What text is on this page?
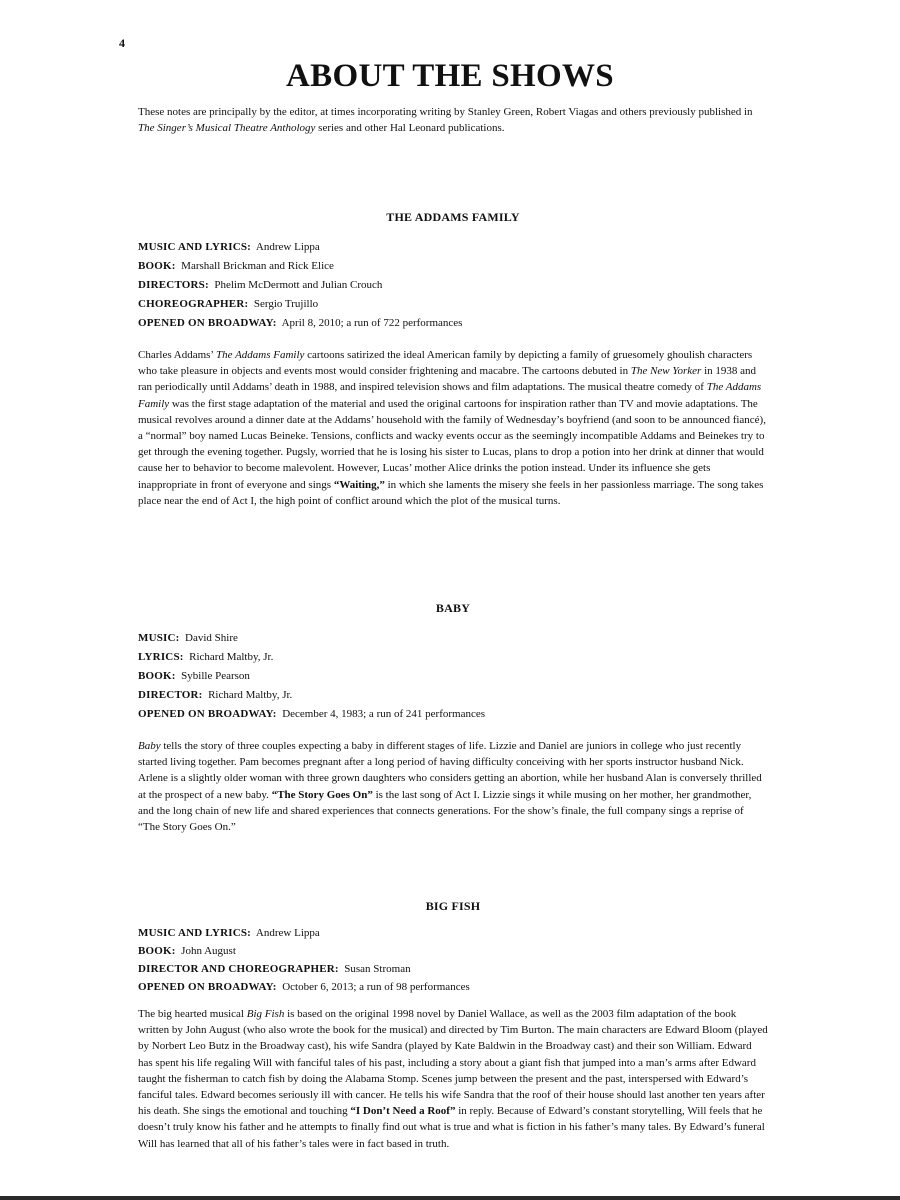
4
ABOUT THE SHOWS

These notes are principally by the editor, at times incorporating writing by Stanley Green, Robert Viagas and others previously published in The Singer’s Musical Theatre Anthology series and other Hal Leonard publications.

THE ADDAMS FAMILY
MUSIC AND LYRICS: Andrew Lippa
BOOK: Marshall Brickman and Rick Elice
DIRECTORS: Phelim McDermott and Julian Crouch
CHOREOGRAPHER: Sergio Trujillo
OPENED ON BROADWAY: April 8, 2010; a run of 722 performances

Charles Addams’ The Addams Family cartoons satirized the ideal American family by depicting a family of gruesomely ghoulish characters who take pleasure in objects and events most would consider frightening and macabre. The cartoons debuted in The New Yorker in 1938 and ran periodically until Addams’ death in 1988, and inspired television shows and film adaptations. The musical theatre comedy of The Addams Family was the first stage adaptation of the material and used the original cartoons for inspiration rather than TV and movie adaptations. The musical revolves around a dinner date at the Addams’ household with the family of Wednesday’s boyfriend (and soon to be announced fiancé), a “normal” boy named Lucas Beineke. Tensions, conflicts and wacky events occur as the seemingly incompatible Addams and Beinekes try to get through the evening together. Pugsly, worried that he is losing his sister to Lucas, plans to drop a potion into her drink at dinner that would cause her to behavior to become malevolent. However, Lucas’ mother Alice drinks the potion instead. Under its influence she gets inappropriate in front of everyone and sings “Waiting,” in which she laments the misery she feels in her passionless marriage. The song takes place near the end of Act I, the high point of conflict around which the plot of the musical turns.

BABY
MUSIC: David Shire
LYRICS: Richard Maltby, Jr.
BOOK: Sybille Pearson
DIRECTOR: Richard Maltby, Jr.
OPENED ON BROADWAY: December 4, 1983; a run of 241 performances

Baby tells the story of three couples expecting a baby in different stages of life. Lizzie and Daniel are juniors in college who just recently started living together. Pam becomes pregnant after a long period of having difficulty conceiving with her sports instructor husband Nick. Arlene is a slightly older woman with three grown daughters who considers getting an abortion, while her husband Alan is conversely thrilled at the prospect of a new baby. “The Story Goes On” is the last song of Act I. Lizzie sings it while musing on her mother, her grandmother, and the long chain of new life and shared experiences that connects generations. For the show’s finale, the full company sings a reprise of “The Story Goes On.”

BIG FISH
MUSIC AND LYRICS: Andrew Lippa
BOOK: John August
DIRECTOR AND CHOREOGRAPHER: Susan Stroman
OPENED ON BROADWAY: October 6, 2013; a run of 98 performances

The big hearted musical Big Fish is based on the original 1998 novel by Daniel Wallace, as well as the 2003 film adaptation of the book written by John August (who also wrote the book for the musical) and directed by Tim Burton. The main characters are Edward Bloom (played by Norbert Leo Butz in the Broadway cast), his wife Sandra (played by Kate Baldwin in the Broadway cast) and their son William. Edward has spent his life regaling Will with fanciful tales of his past, including a story about a giant fish that jumped into a man’s arms after Edward taught the fisherman to catch fish by doing the Alabama Stomp. Scenes jump between the present and the past, interspersed with Edward’s fanciful tales. Edward becomes seriously ill with cancer. He tells his wife Sandra that the roof of their house should last another ten years after his death. She sings the emotional and touching “I Don’t Need a Roof” in reply. Because of Edward’s constant storytelling, Will feels that he doesn’t truly know his father and he attempts to finally find out what is true and what is fiction in his father’s many tales. By Edward’s funeral Will has learned that all of his father’s tales were in fact based in truth.
